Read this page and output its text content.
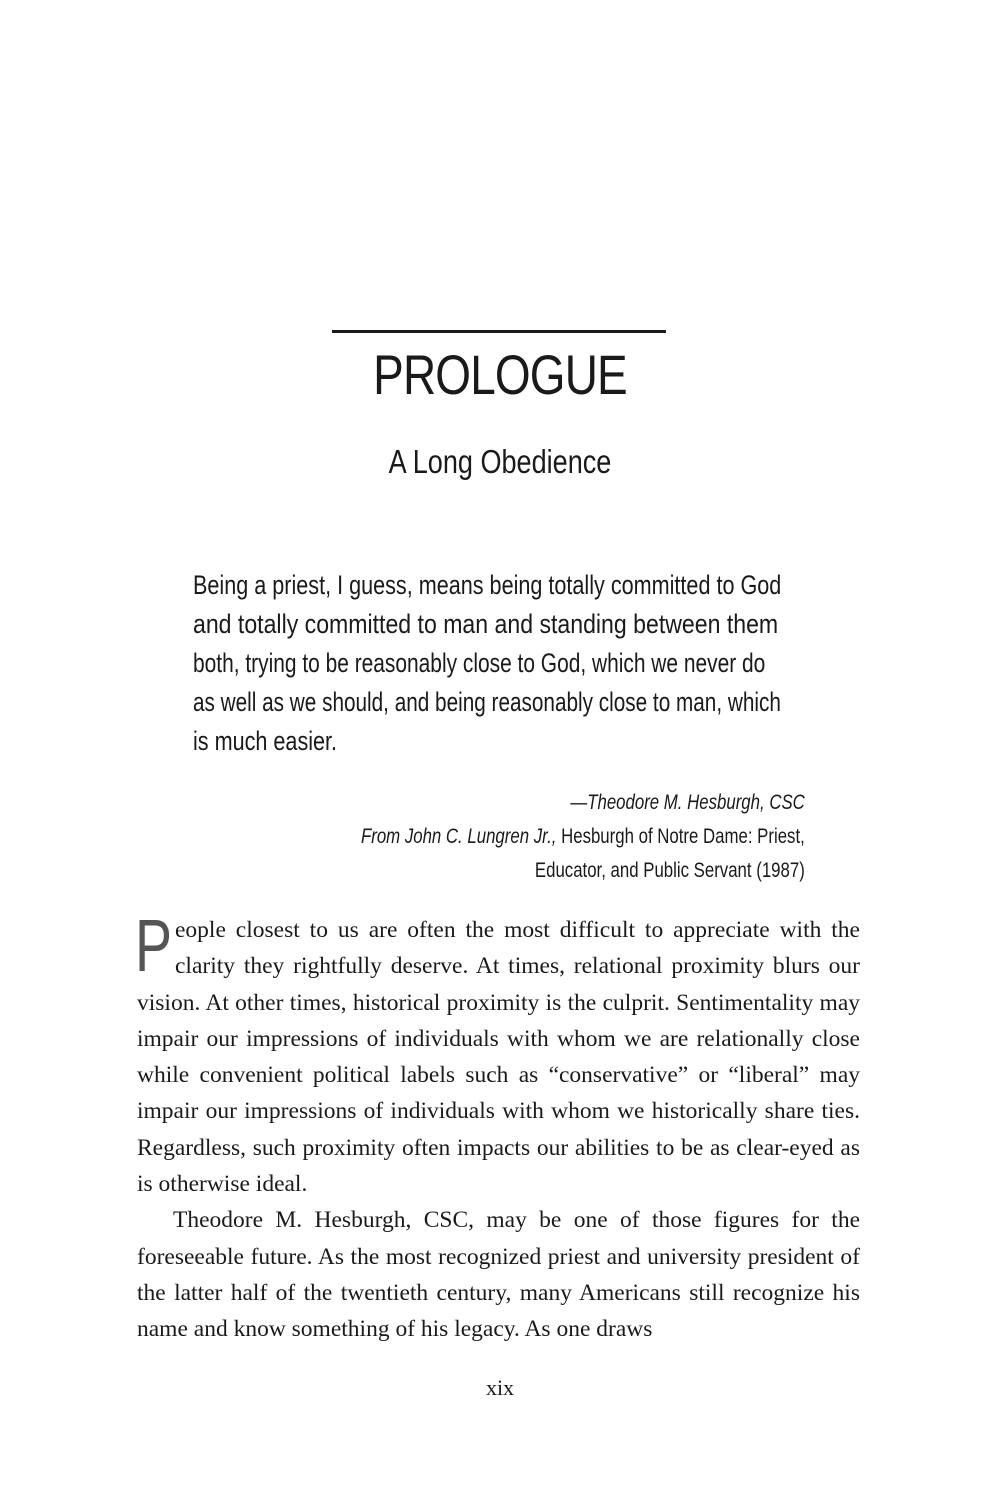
PROLOGUE
A Long Obedience
Being a priest, I guess, means being totally committed to God
and totally committed to man and standing between them
both, trying to be reasonably close to God, which we never do
as well as we should, and being reasonably close to man, which
is much easier.
—Theodore M. Hesburgh, CSC
From John C. Lungren Jr., Hesburgh of Notre Dame: Priest,
Educator, and Public Servant (1987)

People closest to us are often the most difficult to appreciate with the clarity they rightfully deserve. At times, relational proximity blurs our vision. At other times, historical proximity is the culprit. Sentimentality may impair our impressions of individuals with whom we are relationally close while convenient political labels such as “conservative” or “liberal” may impair our impressions of individuals with whom we historically share ties. Regardless, such proximity often impacts our abilities to be as clear-eyed as is otherwise ideal.

Theodore M. Hesburgh, CSC, may be one of those figures for the foreseeable future. As the most recognized priest and university president of the latter half of the twentieth century, many Americans still recognize his name and know something of his legacy. As one draws

xix
